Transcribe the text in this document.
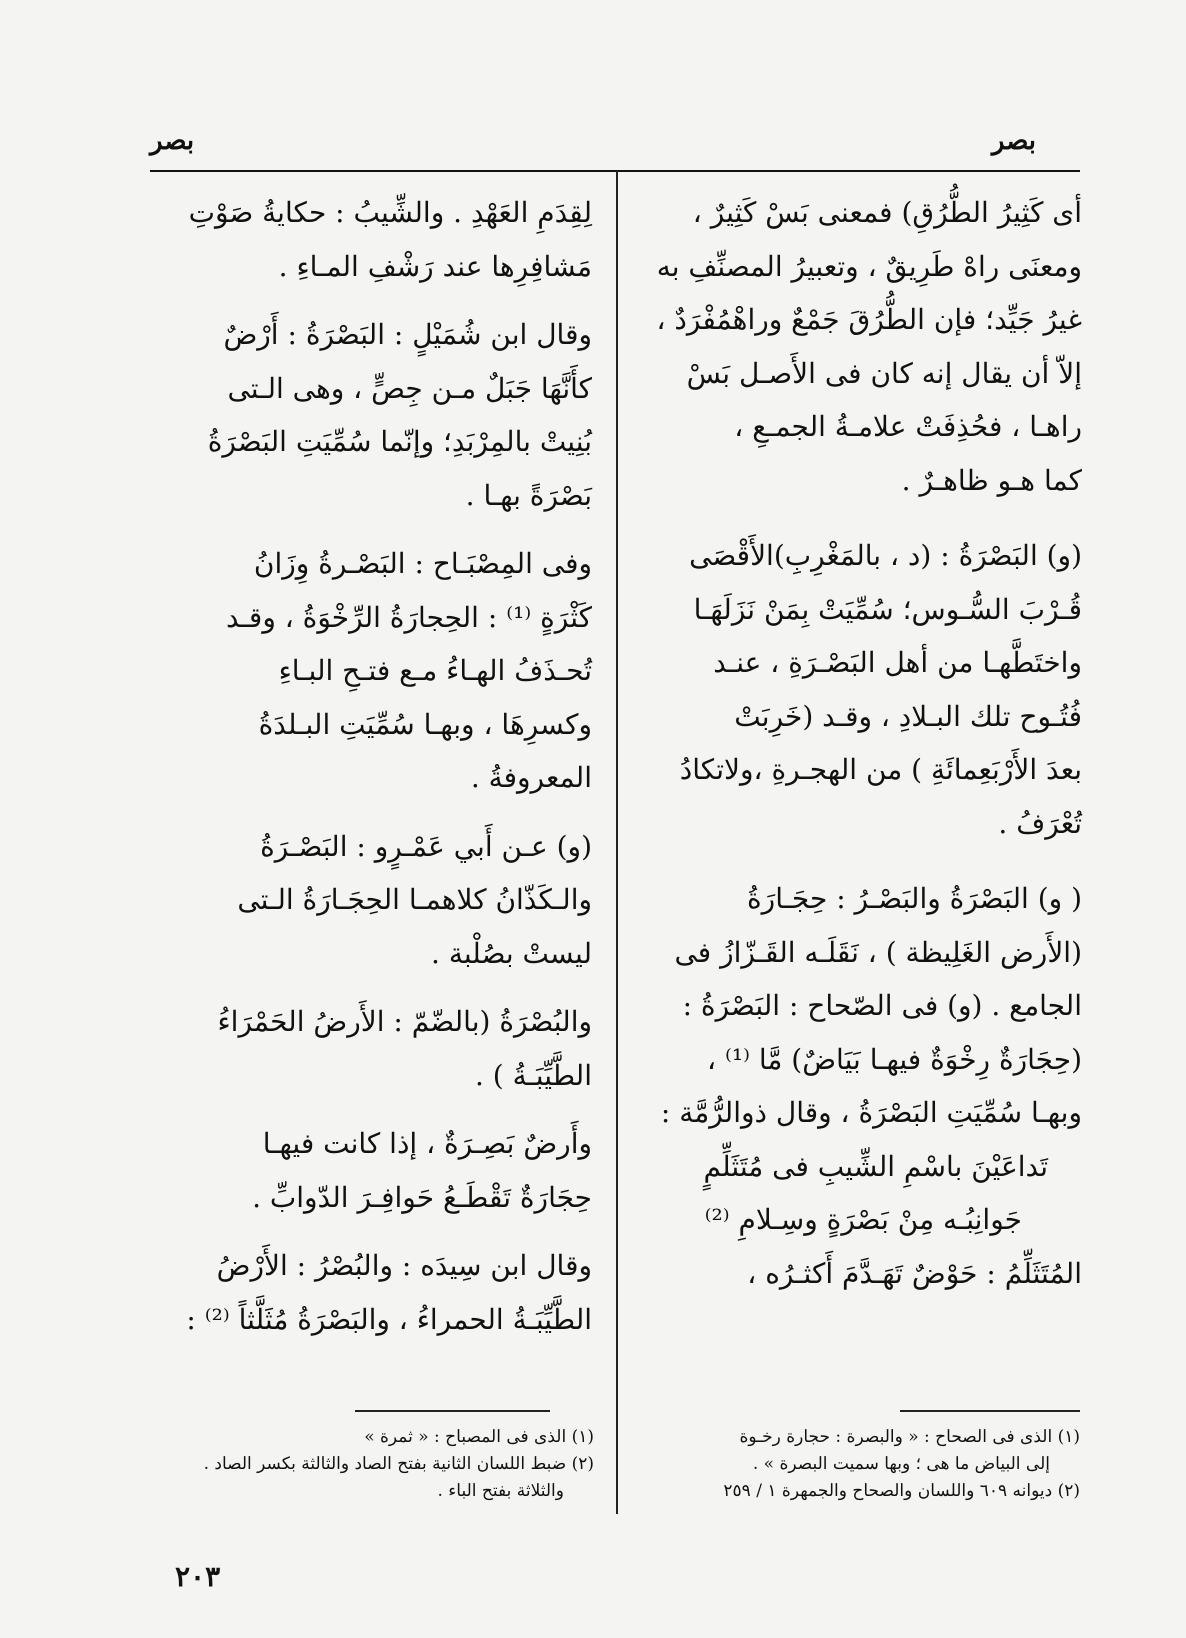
بصر
بصر

أى كَثِيرُ الطُّرُقِ) فمعنى بَسْ كَثِيرٌ ،
ومعنَى راهْ طَرِيقٌ ، وتعبيرُ المصنِّفِ به
غيرُ جَيِّد؛ فإن الطُّرُقَ جَمْعٌ وراهْمُفْرَدٌ ،
إلاّ أن يقال إنه كان فى الأَصـل بَسْ
راهـا ، فحُذِفَتْ علامـةُ الجمـعِ ،
كما هـو ظاهـرٌ .

(و) البَصْرَةُ : (د ، بالمَغْرِبِ)الأَقْصَى
قُـرْبَ السُّـوس؛ سُمِّيَتْ بِمَنْ نَزَلَهَـا
واختَطَّهـا من أهل البَصْـرَةِ ، عنـد
فُتُـوح تلك البـلادِ ، وقـد (خَرِبَتْ
بعدَ الأَرْبَعِمائَةِ ) من الهجـرةِ ،ولاتكادُ
تُعْرَفُ .

( و) البَصْرَةُ والبَصْـرُ : حِجَـارَةُ
(الأَرض الغَلِيظة ) ، نَقَلَـه القَـزّازُ فى
الجامع . (و) فى الصّحاح : البَصْرَةُ :
(حِجَارَةٌ رِخْوَةٌ فيهـا بَيَاضٌ) مَّا ⁽¹⁾ ،
وبهـا سُمِّيَتِ البَصْرَةُ ، وقال ذوالرُّمَّة :

تَداعَيْنَ باسْمِ الشِّيبِ فى مُتَثَلِّمٍ
جَوانِبُـه مِنْ بَصْرَةٍ وسِـلامِ ⁽²⁾

المُتَثَلِّمُ : حَوْضٌ تَهَـدَّمَ أَكثـرُه ،

لِقِدَمِ العَهْدِ . والشِّيبُ : حكايةُ صَوْتِ
مَشافِرِها عند رَشْفِ المـاءِ .

وقال ابن شُمَيْلٍ : البَصْرَةُ : أَرْضٌ
كأَنَّهَا جَبَلٌ مـن جِصٍّ ، وهى الـتى
بُنِيتْ بالمِرْبَدِ؛ وإنّما سُمِّيَتِ البَصْرَةُ
بَصْرَةً بهـا .

وفى المِصْبَـاح : البَصْـرةُ وِزَانُ
كَثْرَةٍ ⁽¹⁾ : الحِجارَةُ الرِّخْوَةُ ، وقـد
تُحـذَفُ الهـاءُ مـع فتـحِ البـاءِ
وكسرِهَا ، وبهـا سُمِّيَتِ البـلدَةُ
المعروفةُ .

(و) عـن أَبي عَمْـرٍو : البَصْـرَةُ
والـكَذّانُ كلاهمـا الحِجَـارَةُ الـتى
ليستْ بصُلْبة .

والبُصْرَةُ (بالضّمّ : الأَرضُ الحَمْرَاءُ
الطَّيِّبَـةُ ) .

وأَرضٌ بَصِـرَةٌ ، إذا كانت فيهـا
حِجَارَةٌ تَقْطَـعُ حَوافِـرَ الدّوابِّ .

وقال ابن سِيدَه : والبُصْرُ : الأَرْضُ
الطَّيِّبَـةُ الحمراءُ ، والبَصْرَةُ مُثَلَّثاً ⁽²⁾ :

(١) الذى فى الصحاح : « والبصرة : حجارة رخـوة
إلى البياض ما هى ؛ وبها سميت البصرة » .
(٢) ديوانه ٦٠٩ واللسان والصحاح والجمهرة ١ / ٢٥٩
(١) الذى فى المصباح : « ثمرة »
(٢) ضبط اللسان الثانية بفتح الصاد والثالثة بكسر الصاد .
والثلاثة بفتح الباء .
٢٠٣
